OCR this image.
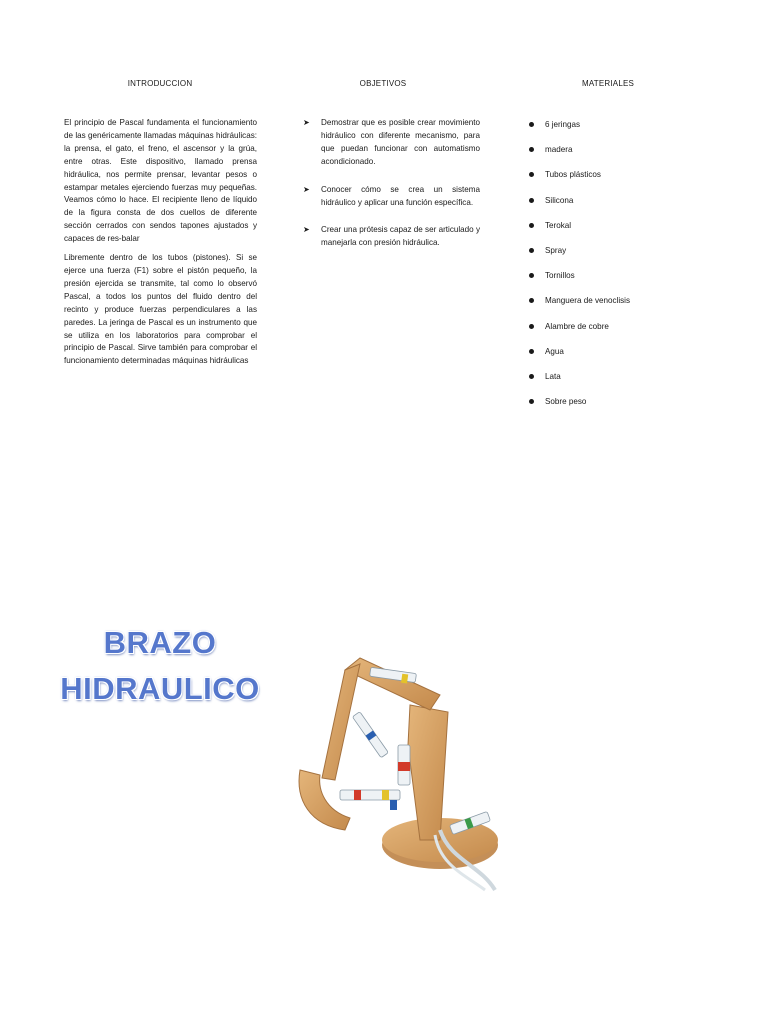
INTRODUCCION	OBJETIVOS	MATERIALES

El principio de Pascal fundamenta el funcionamiento de las genéricamente llamadas máquinas hidráulicas: la prensa, el gato, el freno, el ascensor y la grúa, entre otras. Este dispositivo, llamado prensa hidráulica, nos permite prensar, levantar pesos o estampar metales ejerciendo fuerzas muy pequeñas. Veamos cómo lo hace. El recipiente lleno de líquido de la figura consta de dos cuellos de diferente sección cerrados con sendos tapones ajustados y capaces de res-balar

Libremente dentro de los tubos (pistones). Si se ejerce una fuerza (F1) sobre el pistón pequeño, la presión ejercida se transmite, tal como lo observó Pascal, a todos los puntos del fluido dentro del recinto y produce fuerzas perpendiculares a las paredes. La jeringa de Pascal es un instrumento que se utiliza en los laboratorios para comprobar el principio de Pascal. Sirve también para comprobar el funcionamiento determinadas máquinas hidráulicas

➤ Demostrar que es posible crear movimiento hidráulico con diferente mecanismo, para que puedan funcionar con automatismo acondicionado.
➤ Conocer cómo se crea un sistema hidráulico y aplicar una función específica.
➤ Crear una prótesis capaz de ser articulado y manejarla con presión hidráulica.
6 jeringas
madera
Tubos plásticos
Silicona
Terokal
Spray
Tornillos
Manguera de venoclisis
Alambre de cobre
Agua
Lata
Sobre peso
BRAZO
HIDRAULICO
